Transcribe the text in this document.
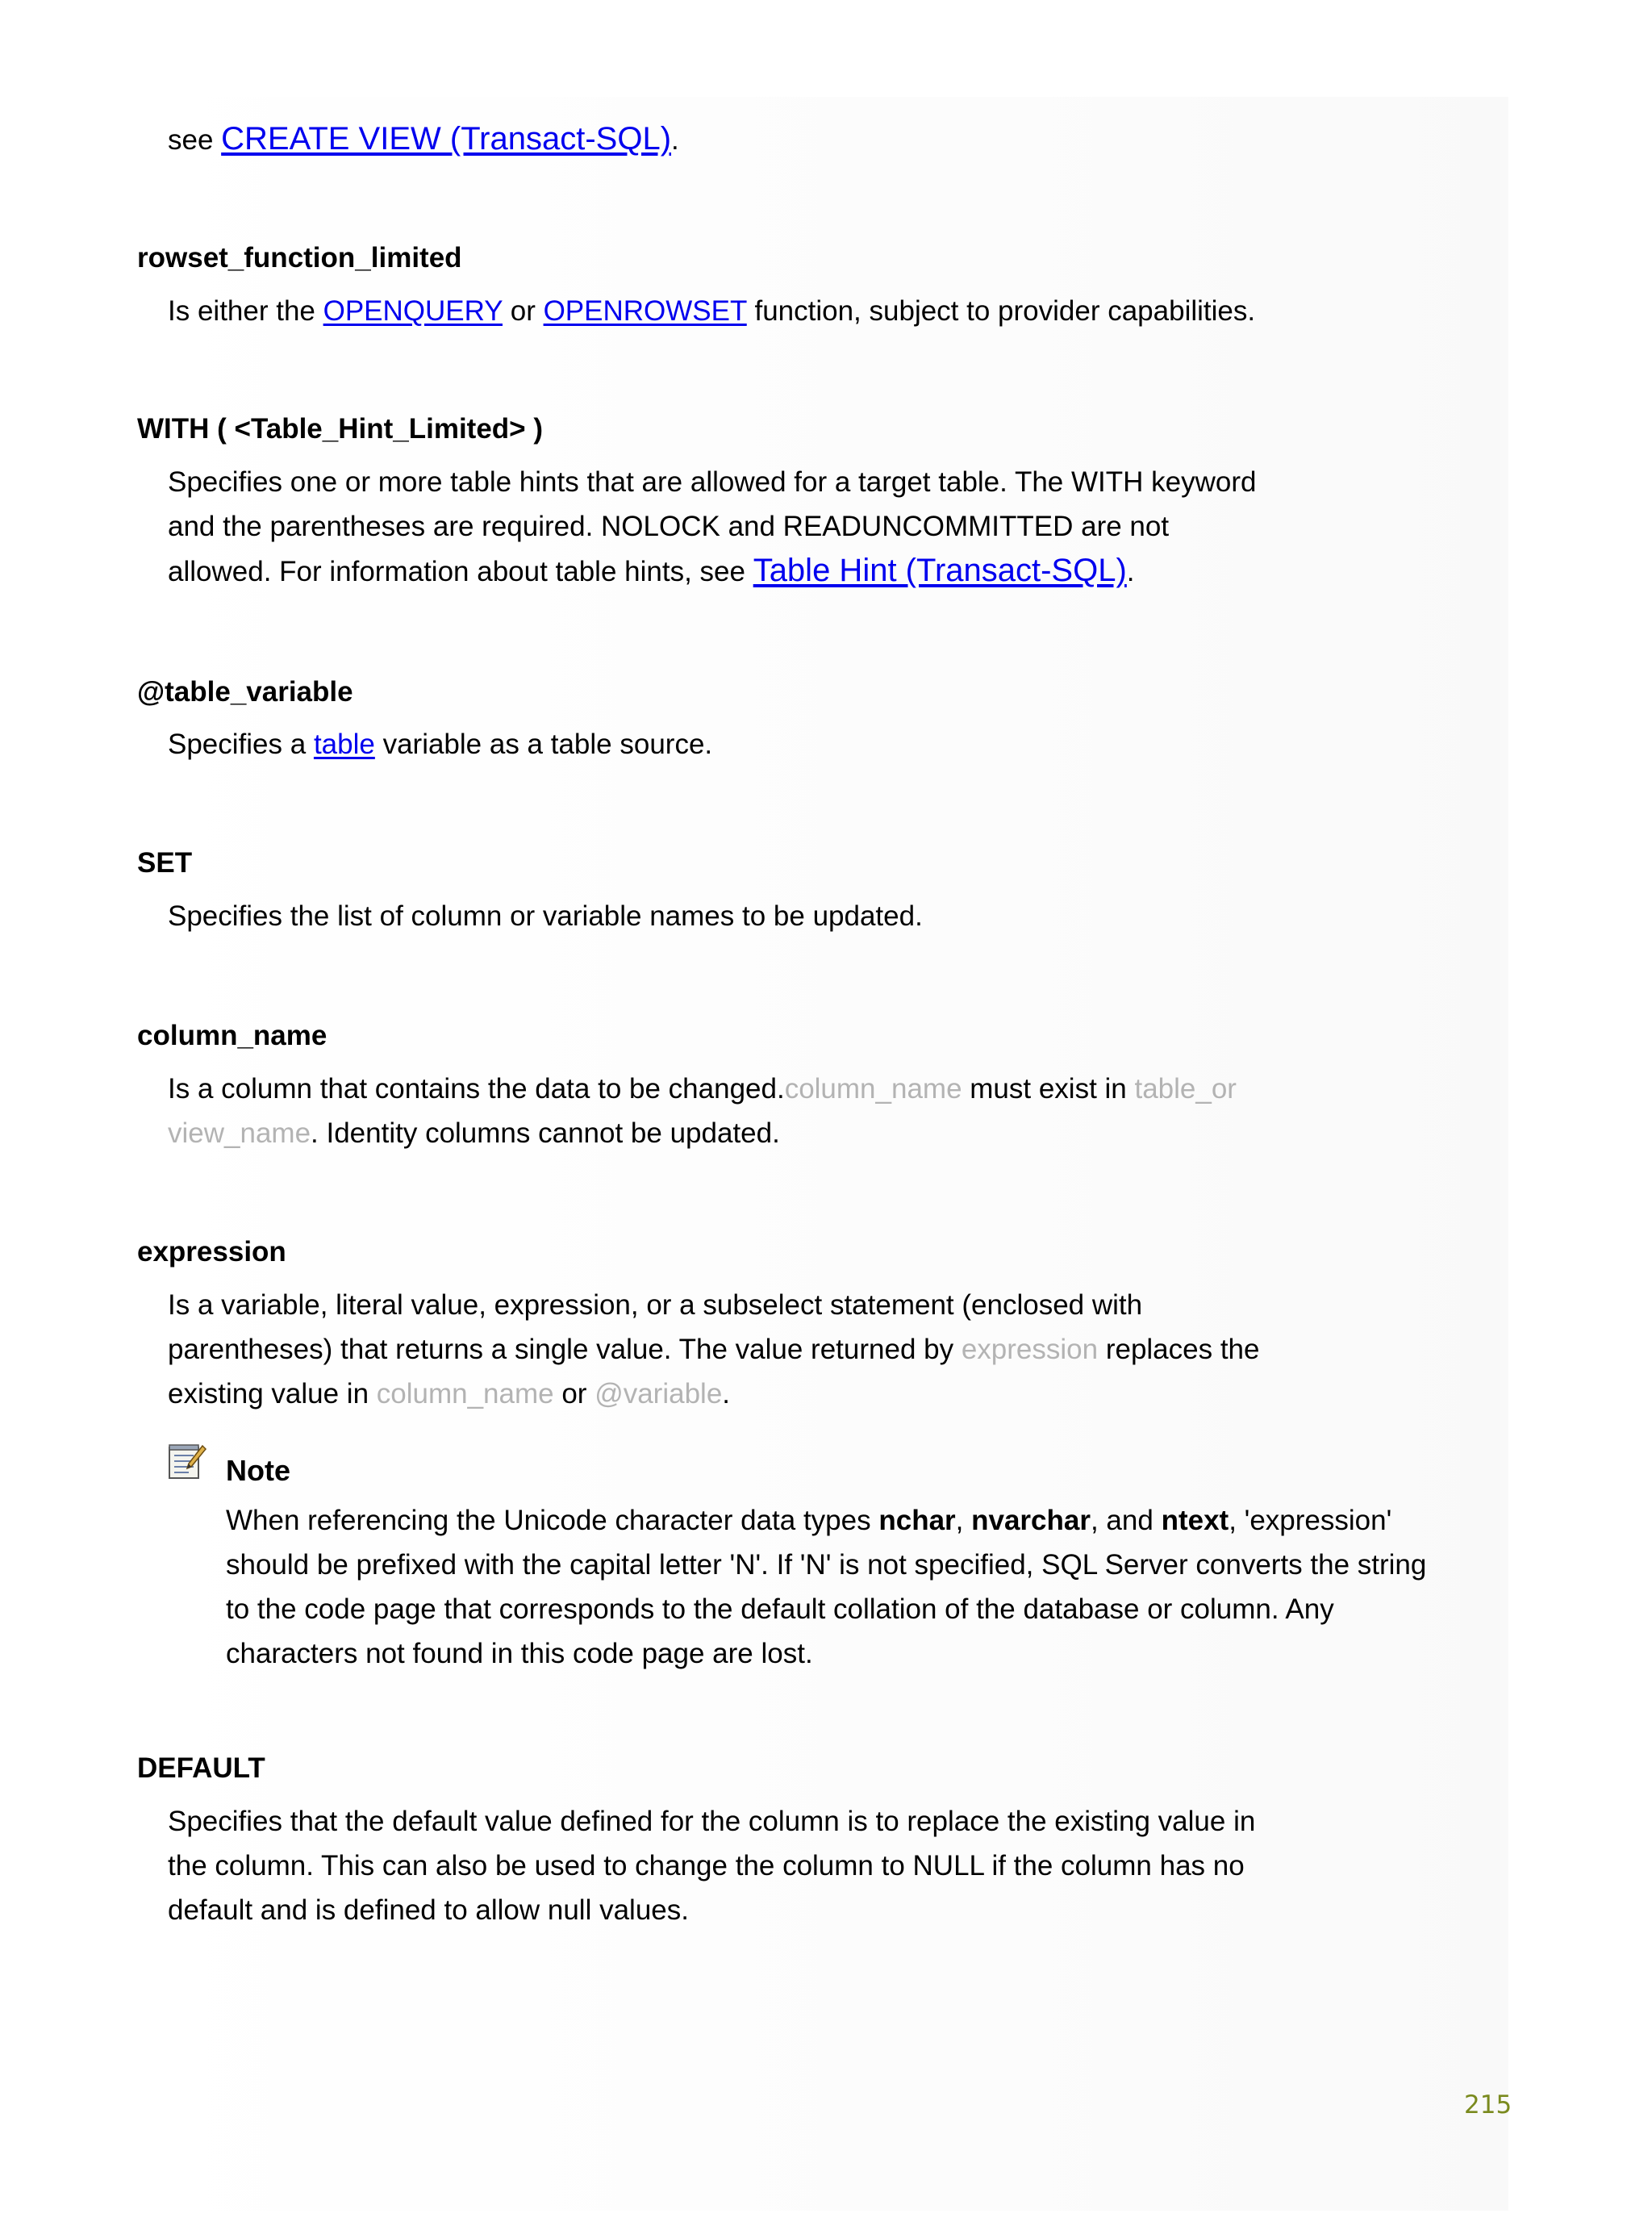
see CREATE VIEW (Transact-SQL).
rowset_function_limited
Is either the OPENQUERY or OPENROWSET function, subject to provider capabilities.
WITH ( <Table_Hint_Limited> )
Specifies one or more table hints that are allowed for a target table. The WITH keyword
and the parentheses are required. NOLOCK and READUNCOMMITTED are not
allowed. For information about table hints, see Table Hint (Transact-SQL).
@table_variable
Specifies a table variable as a table source.
SET
Specifies the list of column or variable names to be updated.
column_name
Is a column that contains the data to be changed.column_name must exist in table_or
view_name. Identity columns cannot be updated.
expression
Is a variable, literal value, expression, or a subselect statement (enclosed with
parentheses) that returns a single value. The value returned by expression replaces the
existing value in column_name or @variable.
Note
When referencing the Unicode character data types nchar, nvarchar, and ntext, 'expression'
should be prefixed with the capital letter 'N'. If 'N' is not specified, SQL Server converts the string
to the code page that corresponds to the default collation of the database or column. Any
characters not found in this code page are lost.
DEFAULT
Specifies that the default value defined for the column is to replace the existing value in
the column. This can also be used to change the column to NULL if the column has no
default and is defined to allow null values.
215
